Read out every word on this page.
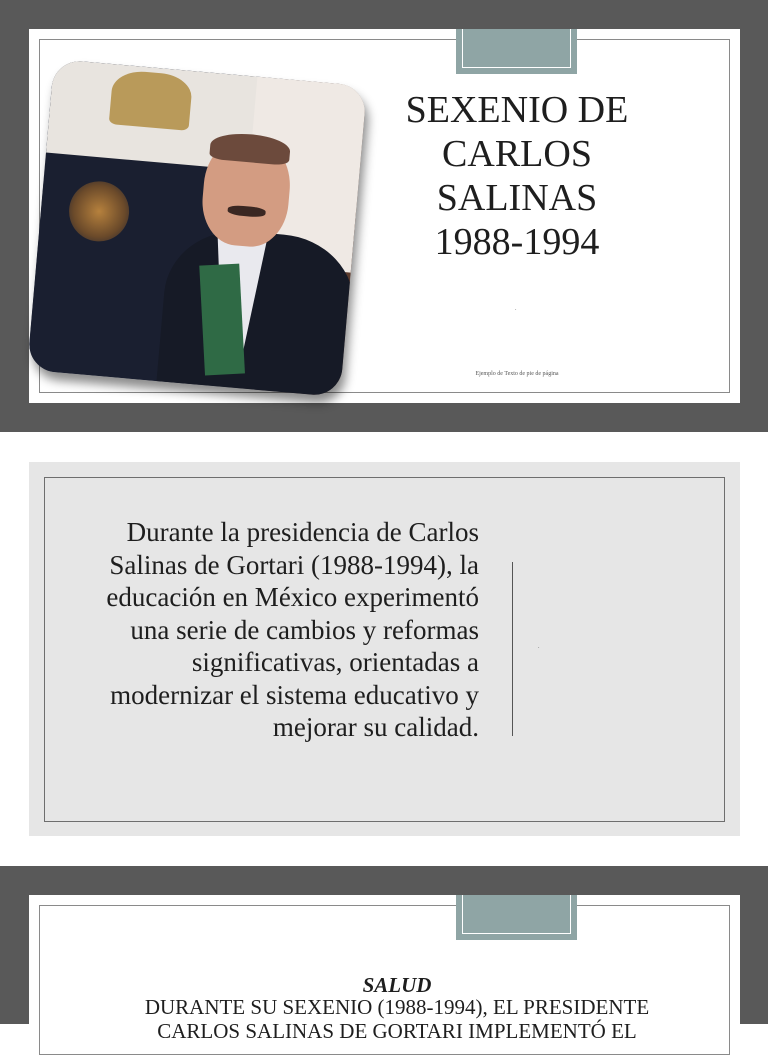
SEXENIO DE
CARLOS
SALINAS
1988-1994
.
Ejemplo de Texto de pie de página
Durante la presidencia de Carlos Salinas de Gortari (1988-1994), la educación en México experimentó una serie de cambios y reformas significativas, orientadas a modernizar el sistema educativo y mejorar su calidad.
.
SALUD
DURANTE SU SEXENIO (1988-1994), EL PRESIDENTE
CARLOS SALINAS DE GORTARI IMPLEMENTÓ EL
